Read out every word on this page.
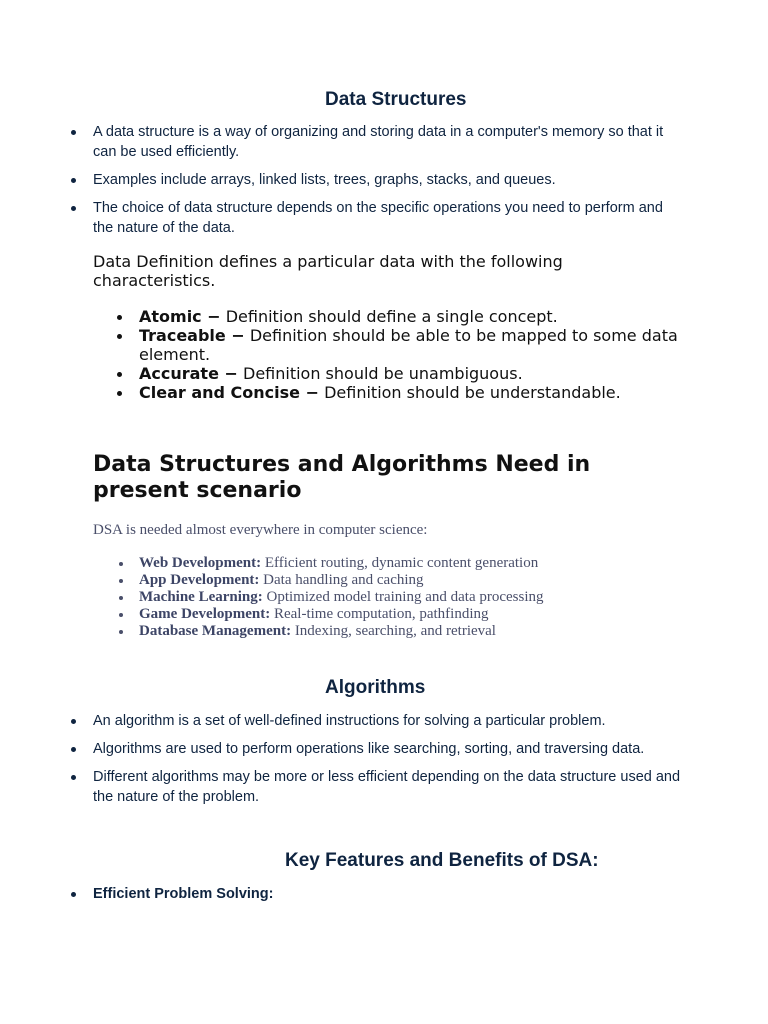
Data Structures
A data structure is a way of organizing and storing data in a computer's memory so that it can be used efficiently.
Examples include arrays, linked lists, trees, graphs, stacks, and queues.
The choice of data structure depends on the specific operations you need to perform and the nature of the data.

Data Definition defines a particular data with the following characteristics.

Atomic − Definition should define a single concept.
Traceable − Definition should be able to be mapped to some data element.
Accurate − Definition should be unambiguous.
Clear and Concise − Definition should be understandable.
Data Structures and Algorithms Need in present scenario

DSA is needed almost everywhere in computer science:

Web Development: Efficient routing, dynamic content generation
App Development: Data handling and caching
Machine Learning: Optimized model training and data processing
Game Development: Real-time computation, pathfinding
Database Management: Indexing, searching, and retrieval
Algorithms
An algorithm is a set of well-defined instructions for solving a particular problem.
Algorithms are used to perform operations like searching, sorting, and traversing data.
Different algorithms may be more or less efficient depending on the data structure used and the nature of the problem.
Key Features and Benefits of DSA:
Efficient Problem Solving:
